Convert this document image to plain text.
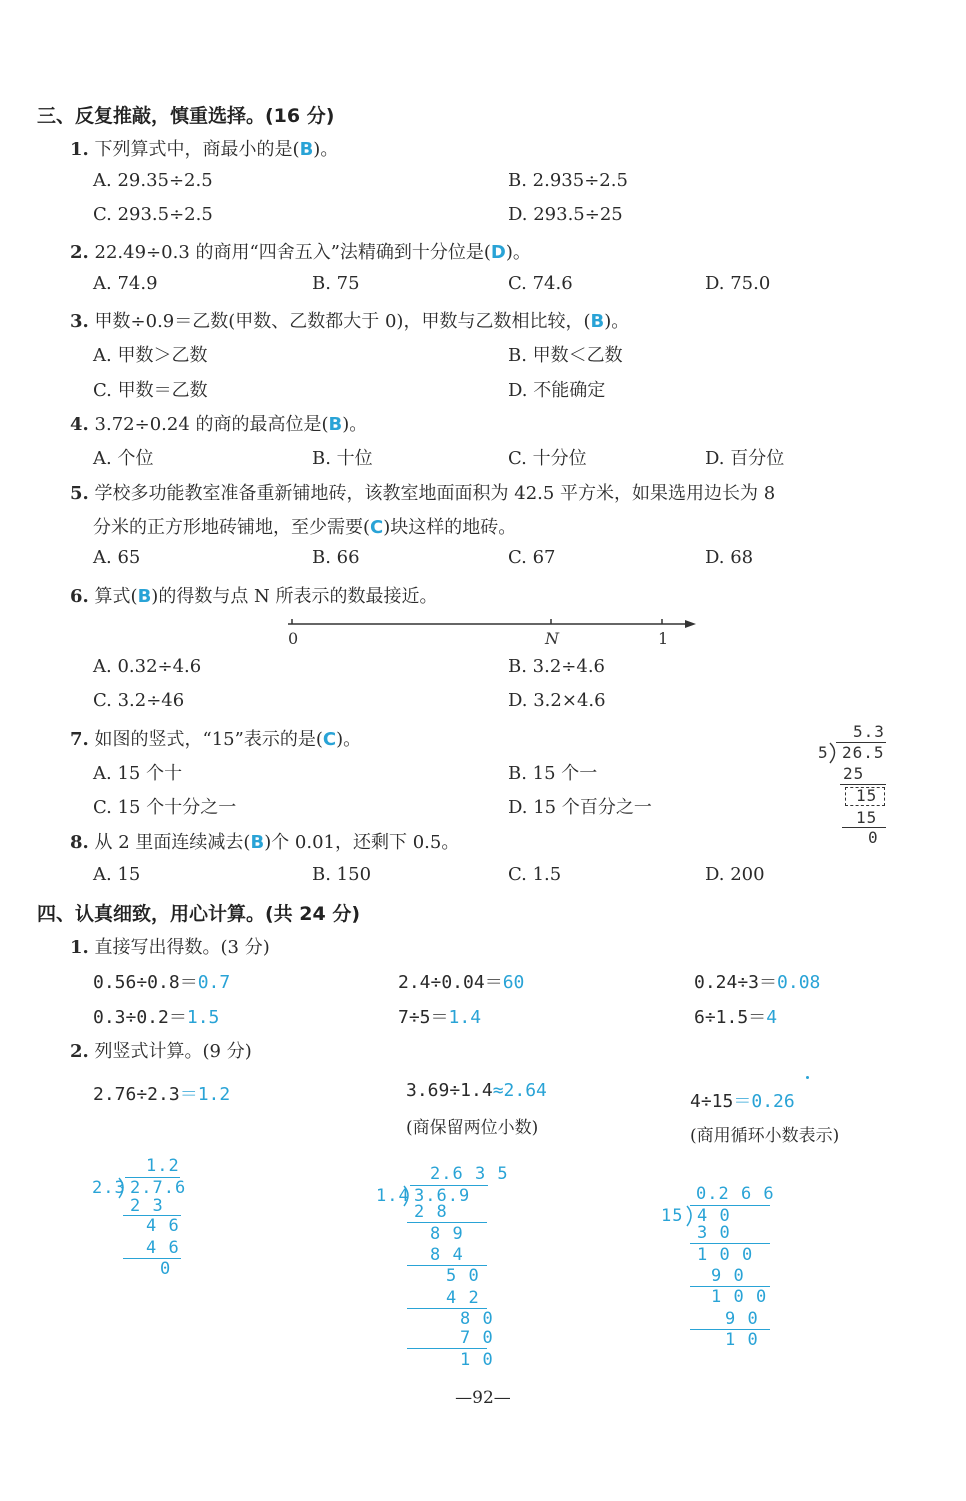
三、反复推敲，慎重选择。(16 分)
1. 下列算式中，商最小的是(B)。
A. 29.35÷2.5	B. 2.935÷2.5
C. 293.5÷2.5	D. 293.5÷25
2. 22.49÷0.3 的商用“四舍五入”法精确到十分位是(D)。
A. 74.9	B. 75	C. 74.6	D. 75.0
3. 甲数÷0.9＝乙数(甲数、乙数都大于 0)，甲数与乙数相比较，(B)。
A. 甲数＞乙数	B. 甲数＜乙数
C. 甲数＝乙数	D. 不能确定
4. 3.72÷0.24 的商的最高位是(B)。
A. 个位	B. 十位	C. 十分位	D. 百分位
5. 学校多功能教室准备重新铺地砖，该教室地面面积为 42.5 平方米，如果选用边长为 8
分米的正方形地砖铺地，至少需要(C)块这样的地砖。
A. 65	B. 66	C. 67	D. 68
6. 算式(B)的得数与点 N 所表示的数最接近。
0	N	1
A. 0.32÷4.6	B. 3.2÷4.6
C. 3.2÷46	D. 3.2×4.6
7. 如图的竖式，“15”表示的是(C)。
A. 15 个十	B. 15 个一
C. 15 个十分之一	D. 15 个百分之一
5.3
5 26.5
25
15
15
0
8. 从 2 里面连续减去(B)个 0.01，还剩下 0.5。
A. 15	B. 150	C. 1.5	D. 200
四、认真细致，用心计算。(共 24 分)
1. 直接写出得数。(3 分)
0.56÷0.8＝0.7	2.4÷0.04＝60	0.24÷3＝0.08
0.3÷0.2＝1.5	7÷5＝1.4	6÷1.5＝4
2. 列竖式计算。(9 分)
2.76÷2.3＝1.2	3.69÷1.4≈2.64
(商保留两位小数)
4÷15＝0.26
(商用循环小数表示)
1.2
2.3 2.7.6
2 3
4 6
4 6
0
2.6 3 5
1.4 3.6.9
2 8
8 9
8 4
5 0
4 2
8 0
7 0
1 0
0.2 6 6
15 4 0
3 0
1 0 0
9 0
1 0 0
9 0
1 0
—92—
